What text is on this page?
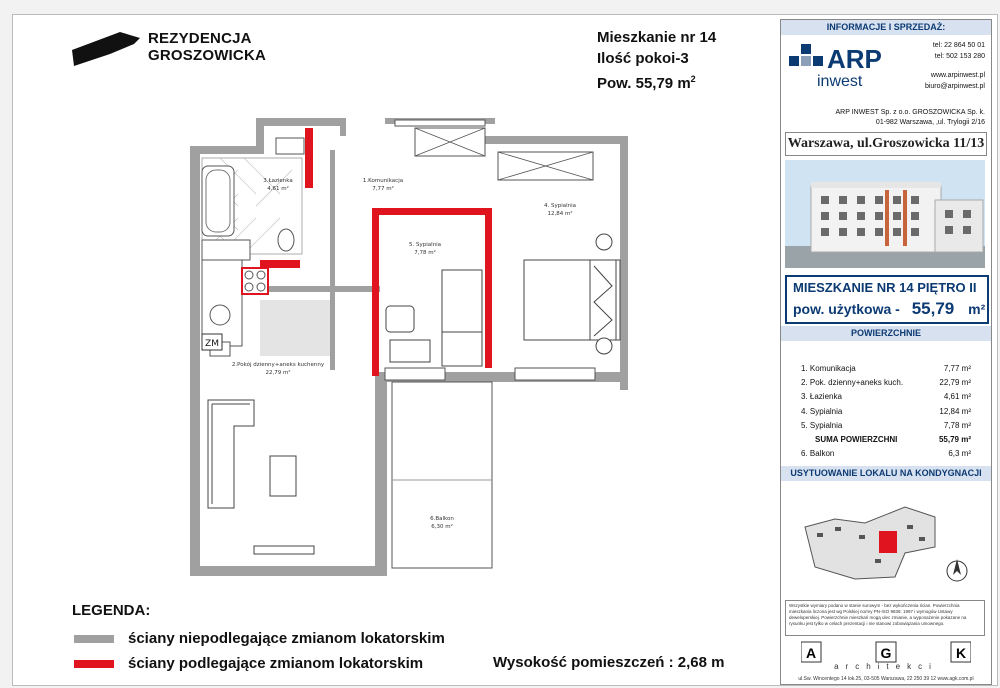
REZYDENCJA
GROSZOWICKA
Mieszkanie nr 14
Ilość pokoi-3
Pow. 55,79 $m^2$
3.Łazienka
4,61 m²
1.Komunikacja
7,77 m²
4. Sypialnia
12,84 m²
5. Sypialnia
7,78 m²
2.Pokój dzienny+aneks kuchenny
22,79 m²
6.Balkon
6,30 m²
ZM
LEGENDA:
ściany niepodlegające zmianom lokatorskim
ściany podlegające zmianom lokatorskim	Wysokość pomieszczeń : 2,68 m
INFORMACJE I SPRZEDAŻ:
ARP
inwest
tel: 22 864 50 01
tel: 502 153 280
www.arpinwest.pl
biuro@arpinwest.pl
ARP INWEST Sp. z o.o. GROSZOWICKA Sp. k.
01-982 Warszawa, ,ul. Trylogii 2/16
Warszawa, ul.Groszowicka 11/13
MIESZKANIE NR 14 PIĘTRO II
pow. użytkowa - 55,79 m²
POWIERZCHNIE
1. Komunikacja	7,77 m²
2. Pok. dzienny+aneks kuch.	22,79 m²
3. Łazienka	4,61 m²
4. Sypialnia	12,84 m²
5. Sypialnia	7,78 m²
SUMA POWIERZCHNI	55,79 m²
6. Balkon	6,3 m²
USYTUOWANIE LOKALU NA KONDYGNACJI
Wszystkie wymiary podano w stanie surowym - bez wykończenia ścian. Powierzchnia mieszkania liczona jest wg Polskiej normy PN-ISO 9836: 1997 i wymogów Ustawy deweloperskiej. Powierzchnie mieszkań mogą ulec zmianie, a wyposażenie pokazane na rysunku jest tylko w celach prezentacji i nie stanowi zobowiązania umownego.
A	G	K
architekci
ul.Sw. Wincentego 14 lok.25, 03-505 Warszawa, 22 250 39 12 www.agk.com.pl
